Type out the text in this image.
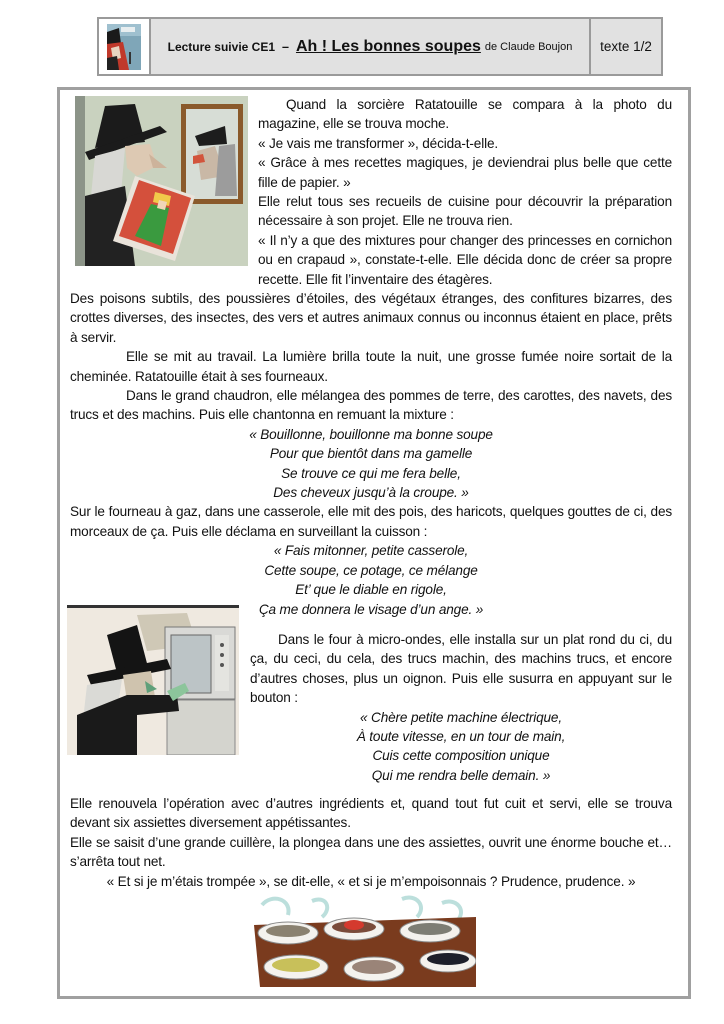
Lecture suivie CE1 – Ah ! Les bonnes soupes de Claude Boujon	texte 1/2

Quand la sorcière Ratatouille se compara à la photo du magazine, elle se trouva moche.

« Je vais me transformer », décida-t-elle.

« Grâce à mes recettes magiques, je deviendrai plus belle que cette fille de papier. »

Elle relut tous ses recueils de cuisine pour découvrir la préparation nécessaire à son projet. Elle ne trouva rien.

« Il n’y a que des mixtures pour changer des princesses en cornichon ou en crapaud », constate-t-elle. Elle décida donc de créer sa propre recette. Elle fit l’inventaire des étagères.

Des poisons subtils, des poussières d’étoiles, des végétaux étranges, des confitures bizarres, des crottes diverses, des insectes, des vers et autres animaux connus ou inconnus étaient en place, prêts à servir.

Elle se mit au travail. La lumière brilla toute la nuit, une grosse fumée noire sortait de la cheminée. Ratatouille était à ses fourneaux.

Dans le grand chaudron, elle mélangea des pommes de terre, des carottes, des navets, des trucs et des machins. Puis elle chantonna en remuant la mixture :

« Bouillonne, bouillonne ma bonne soupe

Pour que bientôt dans ma gamelle

Se trouve ce qui me fera belle,

Des cheveux jusqu’à la croupe. »

Sur le fourneau à gaz, dans une casserole, elle mit des pois, des haricots, quelques gouttes de ci, des morceaux de ça. Puis elle déclama en surveillant la cuisson :

« Fais mitonner, petite casserole,

Cette soupe, ce potage, ce mélange

Et’ que le diable en rigole,

Ça me donnera le visage d’un ange. »

Dans le four à micro-ondes, elle installa sur un plat rond du ci, du ça, du ceci, du cela, des trucs machin, des machins trucs, et encore d’autres choses, plus un oignon. Puis elle susurra en appuyant sur le bouton :

« Chère petite machine électrique,

À toute vitesse, en un tour de main,

Cuis cette composition unique

Qui me rendra belle demain. »

Elle renouvela l’opération avec d’autres ingrédients et, quand tout fut cuit et servi, elle se trouva devant six assiettes diversement appétissantes.

Elle se saisit d’une grande cuillère, la plongea dans une des assiettes, ouvrit une énorme bouche et… s’arrêta tout net.

« Et si je m’étais trompée », se dit-elle, « et si je m’empoisonnais ? Prudence, prudence. »
